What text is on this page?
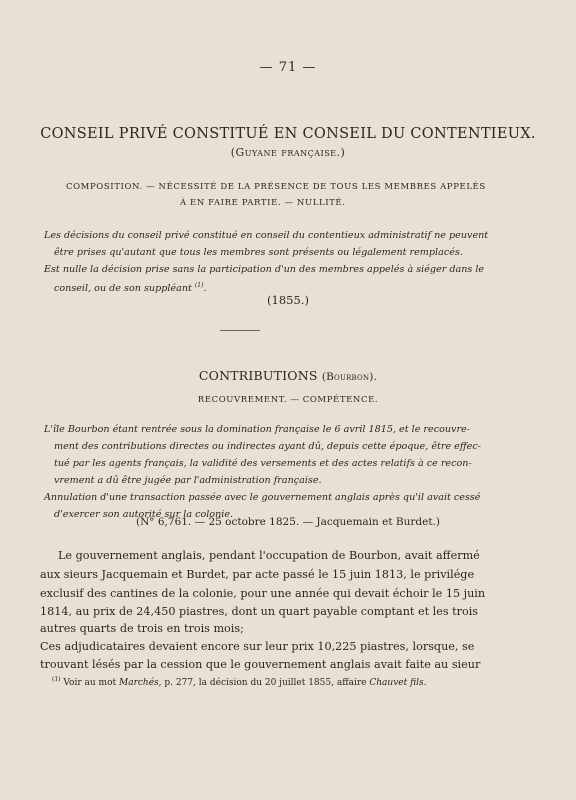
— 71 —
CONSEIL PRIVÉ CONSTITUÉ EN CONSEIL DU CONTENTIEUX.
(Guyane française.)
COMPOSITION. — NÉCESSITÉ DE LA PRÉSENCE DE TOUS LES MEMBRES APPELÉS
À EN FAIRE PARTIE. — NULLITÉ.
Les décisions du conseil privé constitué en conseil du contentieux administratif ne peuvent
être prises qu'autant que tous les membres sont présents ou légalement remplacés.
Est nulle la décision prise sans la participation d'un des membres appelés à siéger dans le
conseil, ou de son suppléant $^{(1)}$.
(1855.)
CONTRIBUTIONS (Bourbon).
RECOUVREMENT. — COMPÉTENCE.
L'île Bourbon étant rentrée sous la domination française le 6 avril 1815, et le recouvre-
ment des contributions directes ou indirectes ayant dû, depuis cette époque, être effec-
tué par les agents français, la validité des versements et des actes relatifs à ce recon-
vrement a dû être jugée par l'administration française.
Annulation d'une transaction passée avec le gouvernement anglais après qu'il avait cessé
d'exercer son autorité sur la colonie.
(N° 6,761. — 25 octobre 1825. — Jacquemain et Burdet.)
Le gouvernement anglais, pendant l'occupation de Bourbon, avait affermé
aux sieurs Jacquemain et Burdet, par acte passé le 15 juin 1813, le privilége
exclusif des cantines de la colonie, pour une année qui devait échoir le 15 juin
1814, au prix de 24,450 piastres, dont un quart payable comptant et les trois
autres quarts de trois en trois mois;
Ces adjudicataires devaient encore sur leur prix 10,225 piastres, lorsque, se
trouvant lésés par la cession que le gouvernement anglais avait faite au sieur
$^{(1)}$ Voir au mot Marchés, p. 277, la décision du 20 juillet 1855, affaire Chauvet fils.
